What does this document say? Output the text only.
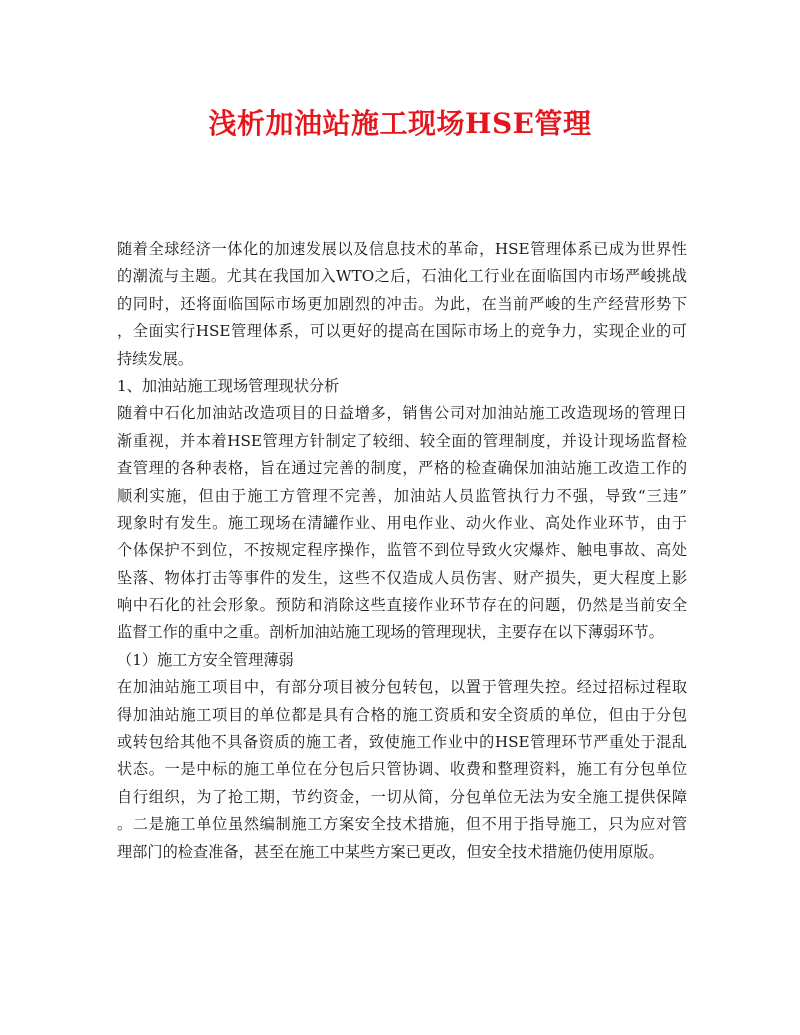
浅析加油站施工现场HSE管理
随着全球经济一体化的加速发展以及信息技术的革命，HSE管理体系已成为世界性
的潮流与主题。尤其在我国加入WTO之后，石油化工行业在面临国内市场严峻挑战
的同时，还将面临国际市场更加剧烈的冲击。为此，在当前严峻的生产经营形势下
，全面实行HSE管理体系，可以更好的提高在国际市场上的竞争力，实现企业的可
持续发展。
1、加油站施工现场管理现状分析
随着中石化加油站改造项目的日益增多，销售公司对加油站施工改造现场的管理日
渐重视，并本着HSE管理方针制定了较细、较全面的管理制度，并设计现场监督检
查管理的各种表格，旨在通过完善的制度，严格的检查确保加油站施工改造工作的
顺利实施，但由于施工方管理不完善，加油站人员监管执行力不强，导致“三违”
现象时有发生。施工现场在清罐作业、用电作业、动火作业、高处作业环节，由于
个体保护不到位，不按规定程序操作，监管不到位导致火灾爆炸、触电事故、高处
坠落、物体打击等事件的发生，这些不仅造成人员伤害、财产损失，更大程度上影
响中石化的社会形象。预防和消除这些直接作业环节存在的问题，仍然是当前安全
监督工作的重中之重。剖析加油站施工现场的管理现状，主要存在以下薄弱环节。
（1）施工方安全管理薄弱
在加油站施工项目中，有部分项目被分包转包，以置于管理失控。经过招标过程取
得加油站施工项目的单位都是具有合格的施工资质和安全资质的单位，但由于分包
或转包给其他不具备资质的施工者，致使施工作业中的HSE管理环节严重处于混乱
状态。一是中标的施工单位在分包后只管协调、收费和整理资料，施工有分包单位
自行组织，为了抢工期，节约资金，一切从简，分包单位无法为安全施工提供保障
。二是施工单位虽然编制施工方案安全技术措施，但不用于指导施工，只为应对管
理部门的检查准备，甚至在施工中某些方案已更改，但安全技术措施仍使用原版。
